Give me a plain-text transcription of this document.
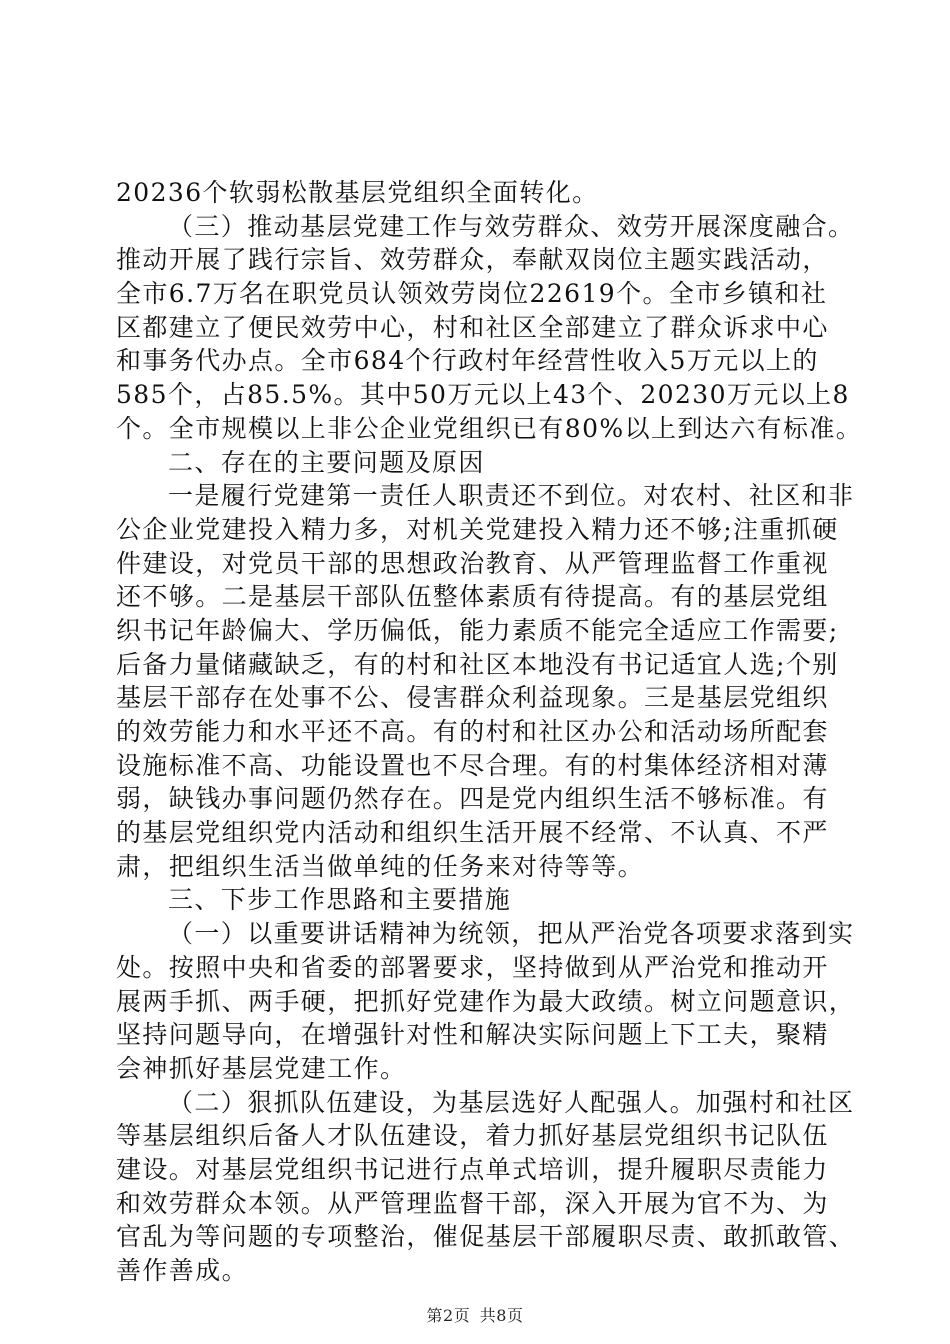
20236个软弱松散基层党组织全面转化。
（三）推动基层党建工作与效劳群众、效劳开展深度融合。
推动开展了践行宗旨、效劳群众，奉献双岗位主题实践活动，
全市6.7万名在职党员认领效劳岗位22619个。全市乡镇和社
区都建立了便民效劳中心，村和社区全部建立了群众诉求中心
和事务代办点。全市684个行政村年经营性收入5万元以上的
585个，占85.5%。其中50万元以上43个、20230万元以上8
个。全市规模以上非公企业党组织已有80%以上到达六有标准。
二、存在的主要问题及原因
一是履行党建第一责任人职责还不到位。对农村、社区和非
公企业党建投入精力多，对机关党建投入精力还不够;注重抓硬
件建设，对党员干部的思想政治教育、从严管理监督工作重视
还不够。二是基层干部队伍整体素质有待提高。有的基层党组
织书记年龄偏大、学历偏低，能力素质不能完全适应工作需要;
后备力量储藏缺乏，有的村和社区本地没有书记适宜人选;个别
基层干部存在处事不公、侵害群众利益现象。三是基层党组织
的效劳能力和水平还不高。有的村和社区办公和活动场所配套
设施标准不高、功能设置也不尽合理。有的村集体经济相对薄
弱，缺钱办事问题仍然存在。四是党内组织生活不够标准。有
的基层党组织党内活动和组织生活开展不经常、不认真、不严
肃，把组织生活当做单纯的任务来对待等等。
三、下步工作思路和主要措施
（一）以重要讲话精神为统领，把从严治党各项要求落到实
处。按照中央和省委的部署要求，坚持做到从严治党和推动开
展两手抓、两手硬，把抓好党建作为最大政绩。树立问题意识，
坚持问题导向，在增强针对性和解决实际问题上下工夫，聚精
会神抓好基层党建工作。
（二）狠抓队伍建设，为基层选好人配强人。加强村和社区
等基层组织后备人才队伍建设，着力抓好基层党组织书记队伍
建设。对基层党组织书记进行点单式培训，提升履职尽责能力
和效劳群众本领。从严管理监督干部，深入开展为官不为、为
官乱为等问题的专项整治，催促基层干部履职尽责、敢抓敢管、
善作善成。
第2页 共8页
